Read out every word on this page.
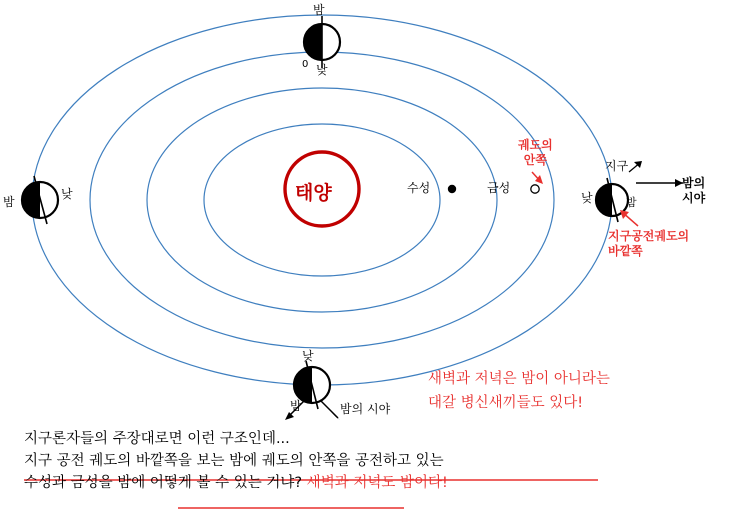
태양	수성	금성
밤
낮
0
밤
낮	낮	밤
지구
낮
밤
궤도의
안쪽
밤의
시야
지구공전궤도의
바깥쪽
밤의 시야
새벽과 저녁은 밤이 아니라는
대갈 병신새끼들도 있다!
지구론자들의 주장대로면 이런 구조인데...
지구 공전 궤도의 바깥쪽을 보는 밤에 궤도의 안쪽을 공전하고 있는
수성과 금성을 밤에 어떻게 볼 수 있는 거냐? 새벽과 저녁도 밤이다!
